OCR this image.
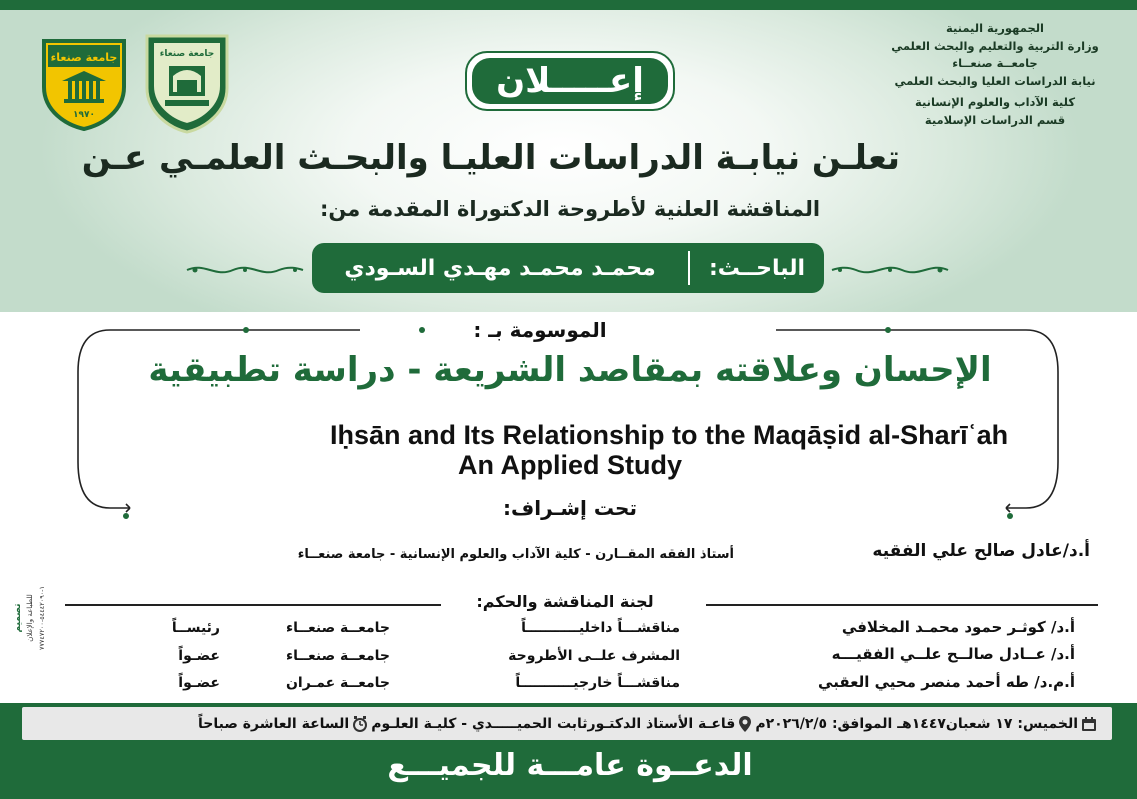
الجمهورية اليمنية
وزارة التربية والتعليم والبحث العلمي
جامعــة صنعــاء
نيابة الدراسات العليا والبحث العلمي
كلية الآداب والعلوم الإنسانية
قسم الدراسات الإسلامية
جامعة صنعاء
١٩٧٠
جامعة صنعاء
إعـــــلان
تعلـن نيابـة الدراسات العليـا والبحـث العلمـي عـن
المناقشة العلنية لأطروحة الدكتوراة المقدمة من:
الباحــث:
محمـد محمـد مهـدي السـودي
الموسومة بـ :
الإحسان وعلاقته بمقاصد الشريعة - دراسة تطبيقية
Iḥsān and Its Relationship to the Maqāṣid al-Sharīʿah
An Applied Study
تحت إشـراف:
أ.د/عادل صالح علي الفقيه
أستاذ الفقه المقــارن - كلية الآداب والعلوم الإنسانية - جامعة صنعــاء
لجنة المناقشة والحكم:
أ.د/ كوثـر حمود محمـد المخلافي
مناقشـــاً داخليـــــــــــاً
جامعــة صنعــاء
رئيســاً
أ.د/ عــادل صالــح علــي الفقيـــه
المشرف علــى الأطروحة
جامعــة صنعــاء
عضـواً
أ.م.د/ طه أحمد منصر محيي العقبي
مناقشـــاً خارجيـــــــــــاً
جامعــة عمـران
عضـواً
تصميم للطباعة والإعلان ١-٥٤٤٤٢٠٩٠-٧٧٧٤٧٢٠٠
الخميس: ١٧ شعبان١٤٤٧هـ الموافق: ٢٠٢٦/٢/٥م
قاعـة الأستاذ الدكتـورثابت الحميـــــدي - كليـة العلـوم
الساعة العاشرة صباحاً
الدعــوة عامـــة للجميـــع
